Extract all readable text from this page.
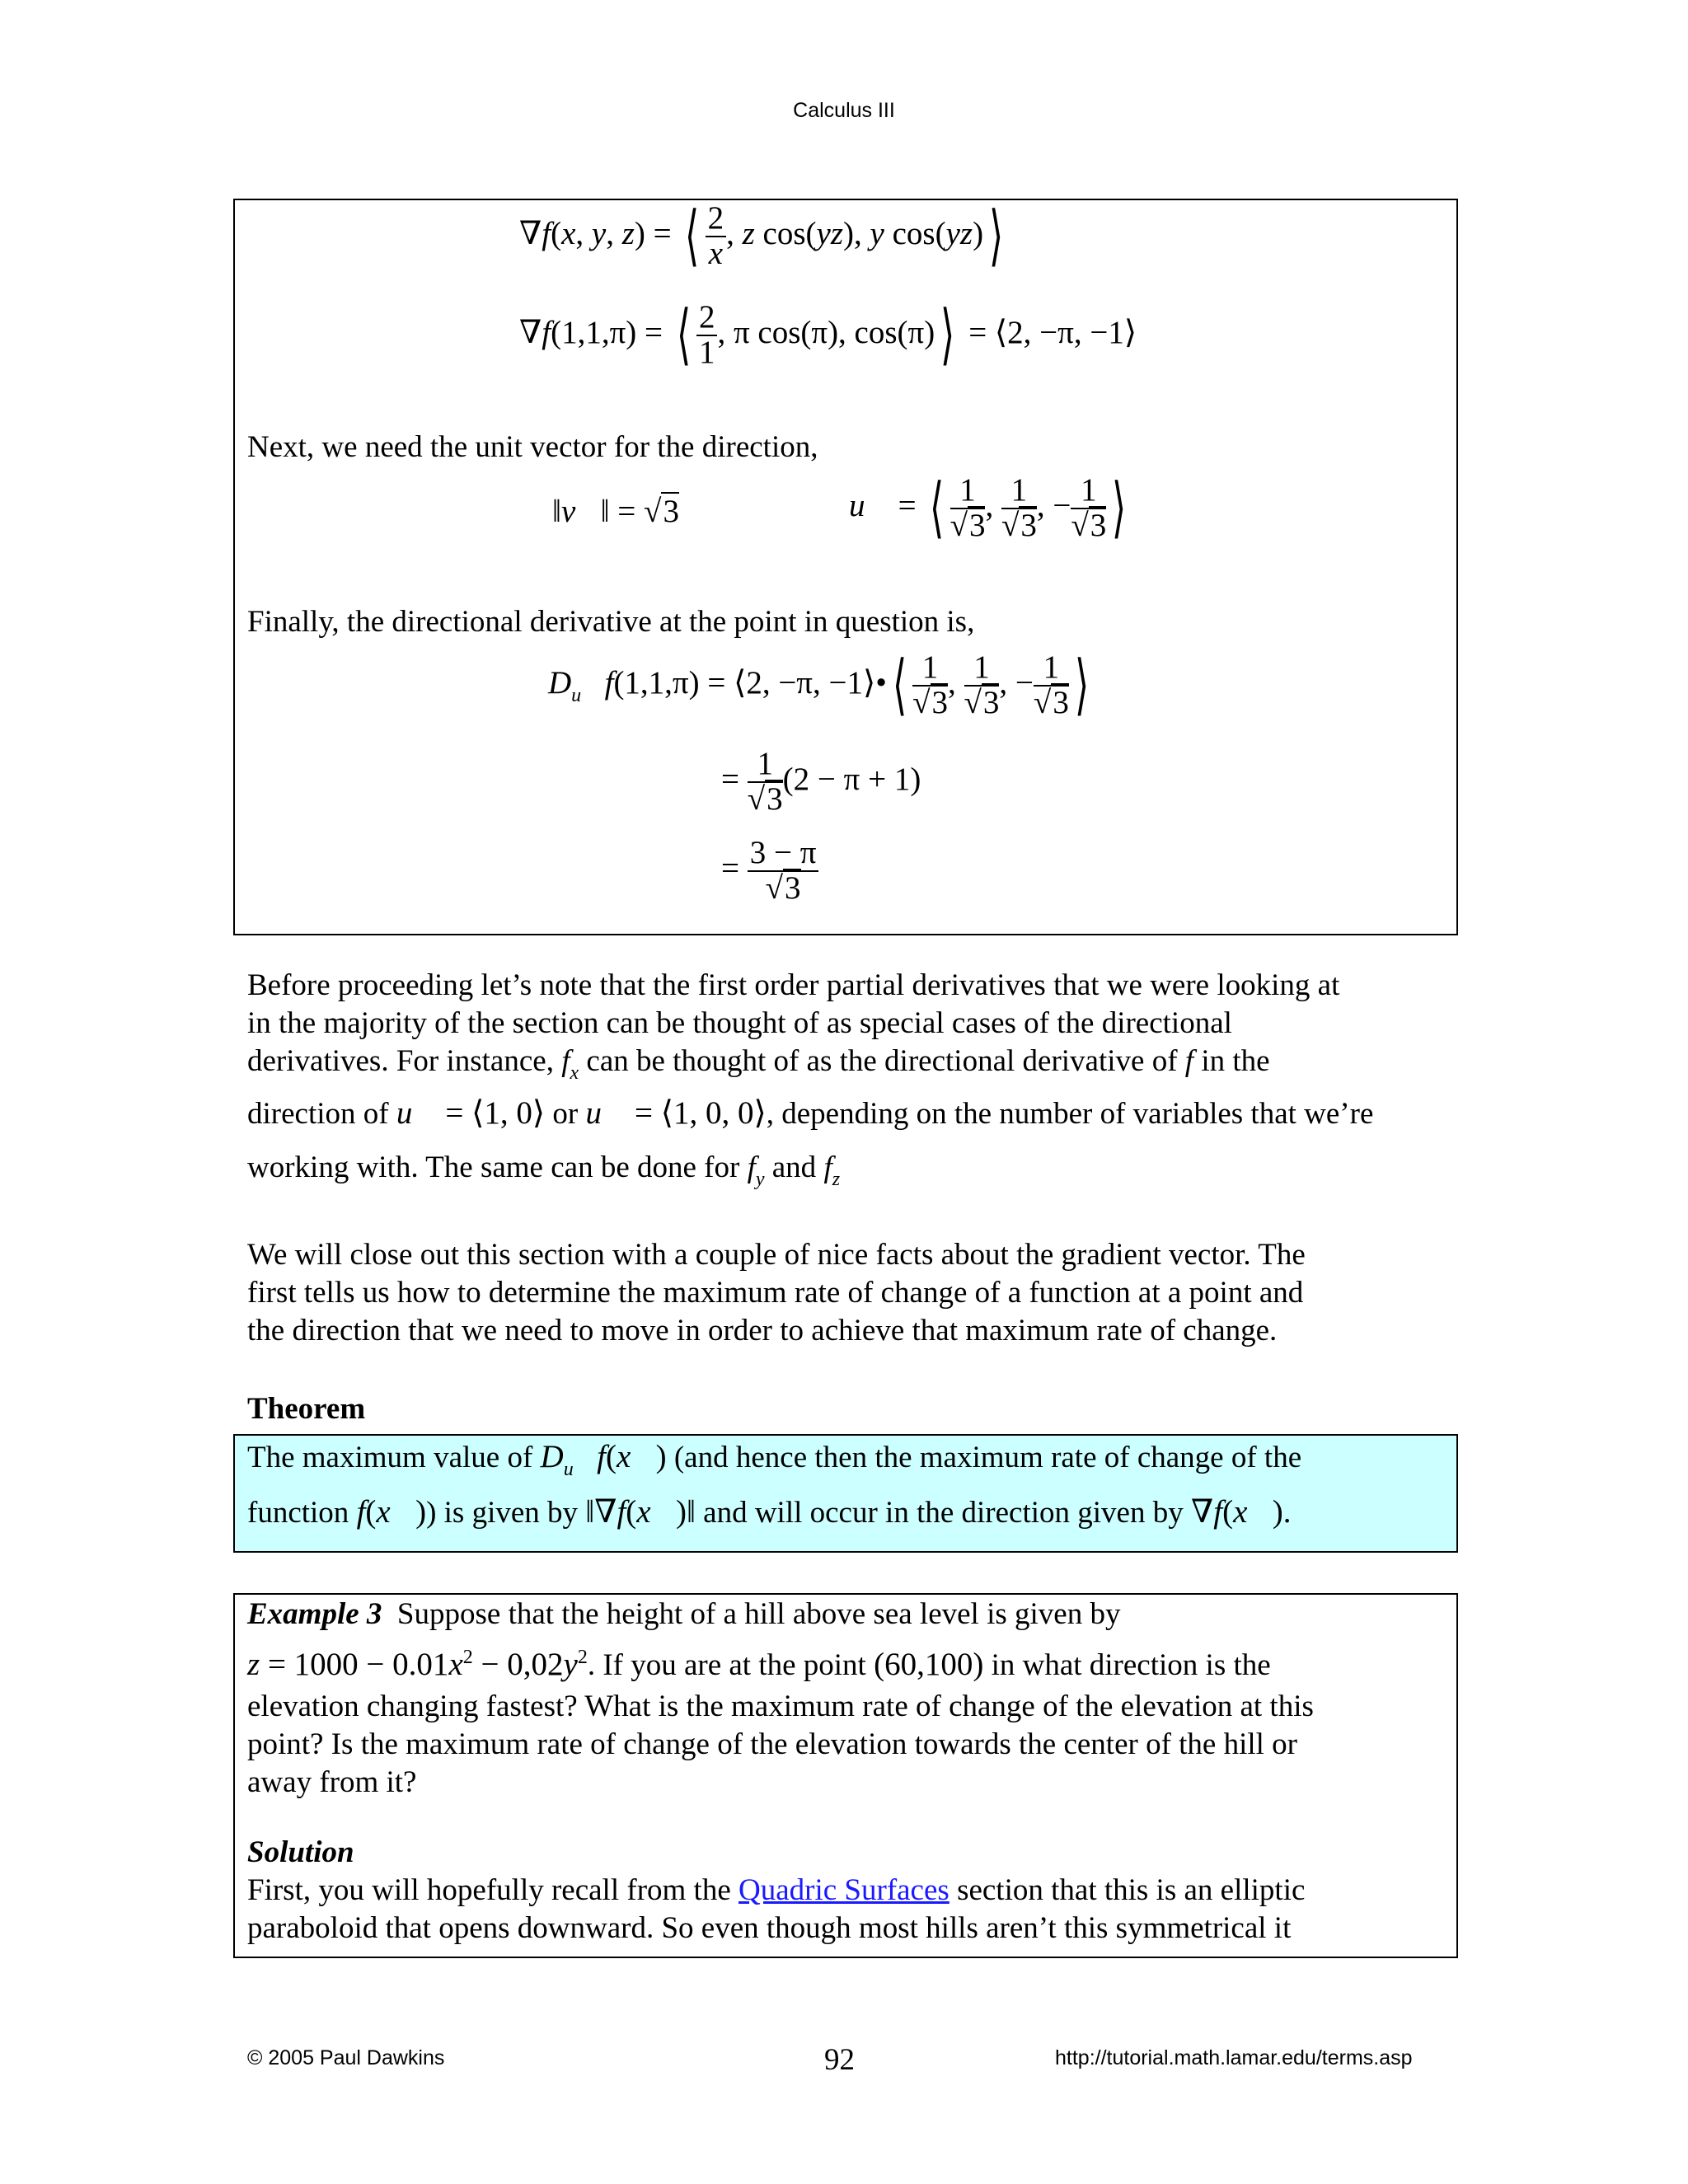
Calculus III
∇f(x, y, z) = ⟨ $\frac{2}{x}$ , z cos(yz), y cos(yz)⟩
∇f(1,1,π) = ⟨ $\frac{2}{1}$ , π cos(π), cos(π)⟩ = ⟨2, −π, −1⟩
Next, we need the unit vector for the direction,
‖v⃗‖ = √3	u⃗ = ⟨ $\frac{1}{√3}$ , $\frac{1}{√3}$ , − $\frac{1}{√3}$ ⟩
Finally, the directional derivative at the point in question is,
$D_{u⃗}$ f(1,1,π) = ⟨2, −π, −1⟩•⟨ $\frac{1}{√3}$ , $\frac{1}{√3}$ , − $\frac{1}{√3}$ ⟩
= $\frac{1}{√3} (2 - \pi + 1)$
= $\frac{3 - \pi}{√3}$
Before proceeding let’s note that the first order partial derivatives that we were looking at
in the majority of the section can be thought of as special cases of the directional
derivatives. For instance, $f_x$ can be thought of as the directional derivative of f in the
direction of u⃗ = ⟨1, 0⟩ or u⃗ = ⟨1, 0, 0⟩, depending on the number of variables that we’re
working with. The same can be done for $f_y$ and $f_z$
We will close out this section with a couple of nice facts about the gradient vector. The
first tells us how to determine the maximum rate of change of a function at a point and
the direction that we need to move in order to achieve that maximum rate of change.
Theorem
The maximum value of $D_{u⃗}$ f(x⃗) (and hence then the maximum rate of change of the
function f(x⃗)) is given by ‖∇f(x⃗)‖ and will occur in the direction given by ∇f(x⃗).
Example 3 Suppose that the height of a hill above sea level is given by
$z = 1000 - 0.01x^2 - 0,02y^2$. If you are at the point (60,100) in what direction is the
elevation changing fastest? What is the maximum rate of change of the elevation at this
point? Is the maximum rate of change of the elevation towards the center of the hill or
away from it?
Solution
First, you will hopefully recall from the Quadric Surfaces section that this is an elliptic
paraboloid that opens downward. So even though most hills aren’t this symmetrical it
© 2005 Paul Dawkins	92	http://tutorial.math.lamar.edu/terms.asp
